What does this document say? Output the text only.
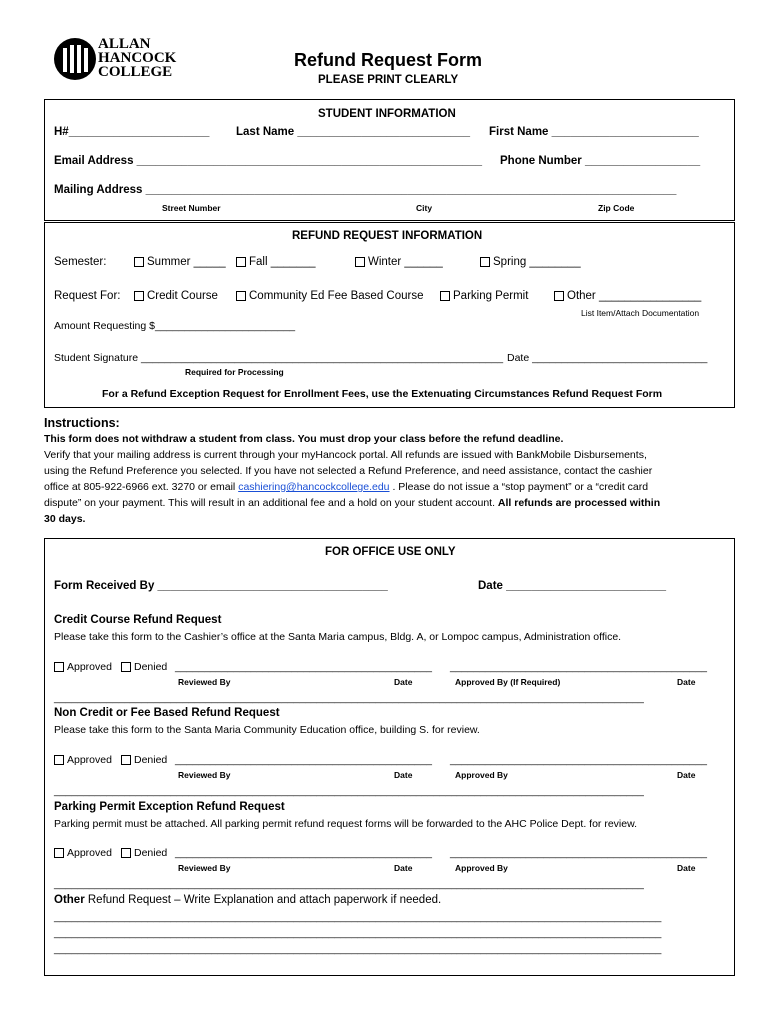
ALLAN
HANCOCK
COLLEGE
Refund Request Form
PLEASE PRINT CLEARLY
STUDENT INFORMATION
H#______________________ Last Name ___________________________ First Name _______________________
Email Address ______________________________________________________ Phone Number __________________
Mailing Address ___________________________________________________________________________________
Street Number	City	Zip Code
REFUND REQUEST INFORMATION
Semester:	Summer _____	Fall _______	Winter ______	Spring ________
Request For:	Credit Course	Community Ed Fee Based Course	Parking Permit	Other ________________
List Item/Attach Documentation
Amount Requesting $________________________
Student Signature ______________________________________________________________ Date ______________________________
Required for Processing
For a Refund Exception Request for Enrollment Fees, use the Extenuating Circumstances Refund Request Form
Instructions:
This form does not withdraw a student from class. You must drop your class before the refund deadline.
Verify that your mailing address is current through your myHancock portal. All refunds are issued with BankMobile Disbursements,
using the Refund Preference you selected. If you have not selected a Refund Preference, and need assistance, contact the cashier
office at 805-922-6966 ext. 3270 or email cashiering@hancockcollege.edu . Please do not issue a “stop payment” or a “credit card
dispute” on your payment. This will result in an additional fee and a hold on your student account. All refunds are processed within
30 days.
FOR OFFICE USE ONLY
Form Received By ____________________________________	Date _________________________
Credit Course Refund Request
Please take this form to the Cashier’s office at the Santa Maria campus, Bldg. A, or Lompoc campus, Administration office.
Approved	Denied ____________________________________________ ____________________________________________
Reviewed By	Date	Approved By (If Required)	Date
_____________________________________________________________________________________________________
Non Credit or Fee Based Refund Request
Please take this form to the Santa Maria Community Education office, building S. for review.
Approved	Denied ____________________________________________ ____________________________________________
Reviewed By	Date	Approved By	Date
_____________________________________________________________________________________________________
Parking Permit Exception Refund Request
Parking permit must be attached. All parking permit refund request forms will be forwarded to the AHC Police Dept. for review.
Approved	Denied ____________________________________________ ____________________________________________
Reviewed By	Date	Approved By	Date
_____________________________________________________________________________________________________
Other Refund Request – Write Explanation and attach paperwork if needed.
________________________________________________________________________________________________________
________________________________________________________________________________________________________
________________________________________________________________________________________________________
